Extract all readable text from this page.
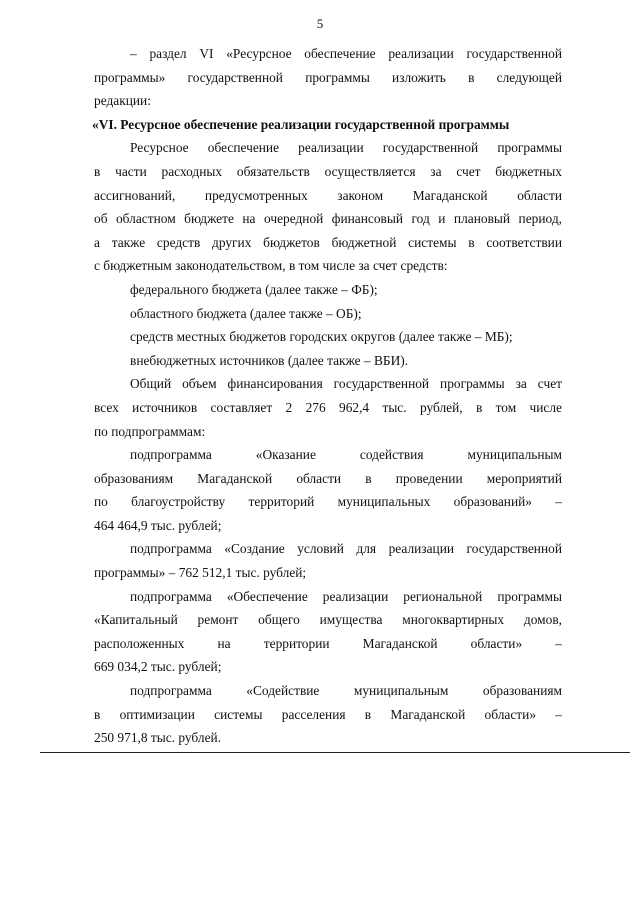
5

– раздел VI «Ресурсное обеспечение реализации государственной

программы» государственной программы изложить в следующей

редакции:

«VI. Ресурсное обеспечение реализации государственной программы

Ресурсное обеспечение реализации государственной программы

в части расходных обязательств осуществляется за счет бюджетных

ассигнований, предусмотренных законом Магаданской области

об областном бюджете на очередной финансовый год и плановый период,

а также средств других бюджетов бюджетной системы в соответствии

с бюджетным законодательством, в том числе за счет средств:

федерального бюджета (далее также – ФБ);

областного бюджета (далее также – ОБ);

средств местных бюджетов городских округов (далее также – МБ);

внебюджетных источников (далее также – ВБИ).

Общий объем финансирования государственной программы за счет

всех источников составляет 2 276 962,4 тыс. рублей, в том числе

по подпрограммам:

подпрограмма «Оказание содействия муниципальным

образованиям Магаданской области в проведении мероприятий

по благоустройству территорий муниципальных образований» –

464 464,9 тыс. рублей;

подпрограмма «Создание условий для реализации государственной

программы» – 762 512,1 тыс. рублей;

подпрограмма «Обеспечение реализации региональной программы

«Капитальный ремонт общего имущества многоквартирных домов,

расположенных на территории Магаданской области» –

669 034,2 тыс. рублей;

подпрограмма «Содействие муниципальным образованиям

в оптимизации системы расселения в Магаданской области» –

250 971,8 тыс. рублей.
